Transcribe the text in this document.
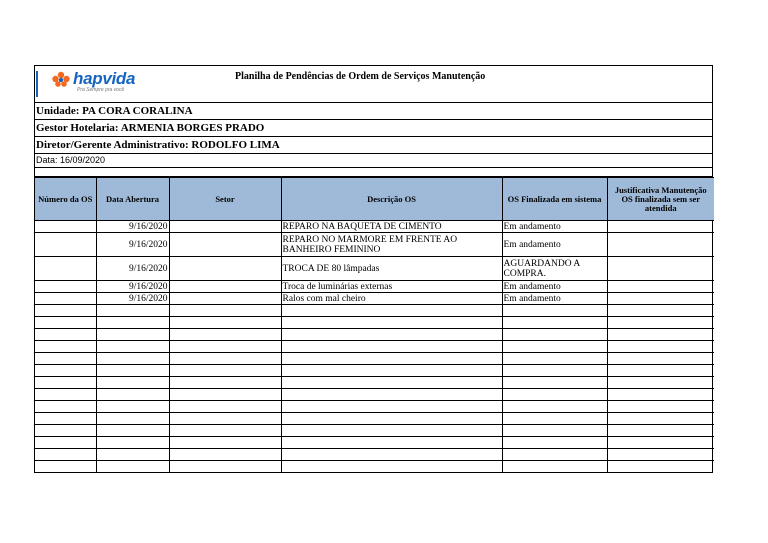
hapvida
Pra Sempre pra você
Planilha de Pendências de Ordem de Serviços Manutenção
Unidade: PA CORA CORALINA
Gestor Hotelaria: ARMENIA BORGES PRADO
Diretor/Gerente Administrativo: RODOLFO LIMA
Data: 16/09/2020
Número da OS	Data Abertura	Setor	Descrição OS	OS Finalizada em sistema	Justificativa Manutenção OS finalizada sem ser atendida
	9/16/2020		REPARO NA BAQUETA DE CIMENTO	Em andamento	
	9/16/2020		REPARO NO MARMORE EM FRENTE AO BANHEIRO FEMININO	Em andamento	
	9/16/2020		TROCA DE 80 lâmpadas	AGUARDANDO A COMPRA.	
	9/16/2020		Troca de luminárias externas	Em andamento	
	9/16/2020		Ralos com mal cheiro	Em andamento	
